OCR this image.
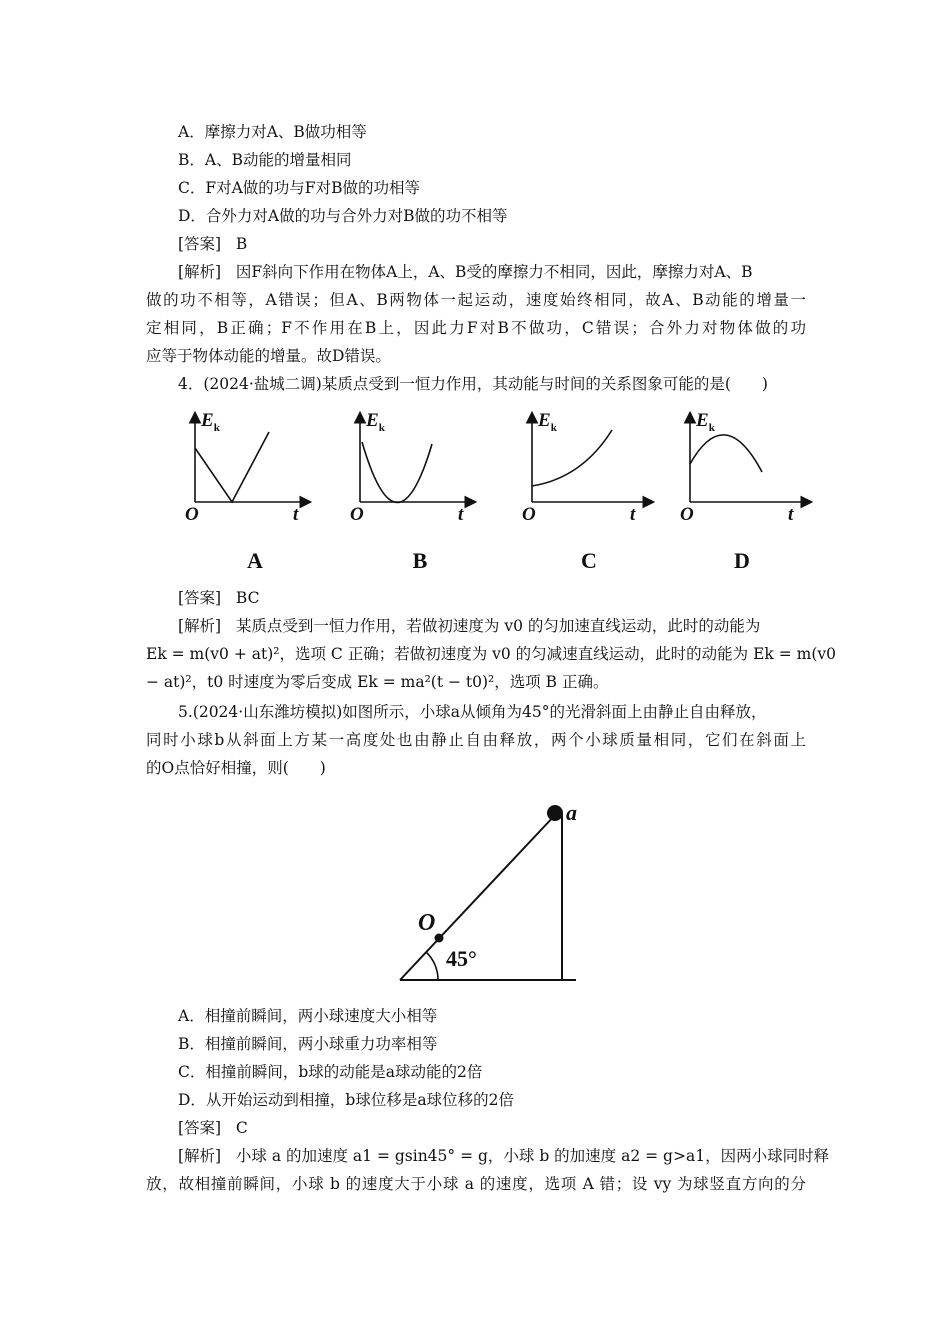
A．摩擦力对A、B做功相等
B．A、B动能的增量相同
C．F对A做的功与F对B做的功相等
D．合外力对A做的功与合外力对B做的功不相等
[答案] B
[解析] 因F斜向下作用在物体A上，A、B受的摩擦力不相同，因此，摩擦力对A、B
做的功不相等，A错误；但A、B两物体一起运动，速度始终相同，故A、B动能的增量一
定相同，B正确；F不作用在B上，因此力F对B不做功，C错误；合外力对物体做的功
应等于物体动能的增量。故D错误。
4．(2024·盐城二调)某质点受到一恒力作用，其动能与时间的关系图象可能的是(　　)
$E_k$
O	t
A
$E_k$
O	t
B
$E_k$
O	t
C
$E_k$
O	t
D
[答案] BC
[解析] 某质点受到一恒力作用，若做初速度为 v0 的匀加速直线运动，此时的动能为
Ek = m(v0 + at)²，选项 C 正确；若做初速度为 v0 的匀减速直线运动，此时的动能为 Ek = m(v0
− at)²，t0 时速度为零后变成 Ek = ma²(t − t0)²，选项 B 正确。
5.(2024·山东潍坊模拟)如图所示，小球a从倾角为45°的光滑斜面上由静止自由释放，
同时小球b从斜面上方某一高度处也由静止自由释放，两个小球质量相同，它们在斜面上
的O点恰好相撞，则(　　)
a
O
45°
A．相撞前瞬间，两小球速度大小相等
B．相撞前瞬间，两小球重力功率相等
C．相撞前瞬间，b球的动能是a球动能的2倍
D．从开始运动到相撞，b球位移是a球位移的2倍
[答案] C
[解析] 小球 a 的加速度 a1 = gsin45° = g，小球 b 的加速度 a2 = g>a1，因两小球同时释
放，故相撞前瞬间，小球 b 的速度大于小球 a 的速度，选项 A 错；设 vy 为球竖直方向的分
